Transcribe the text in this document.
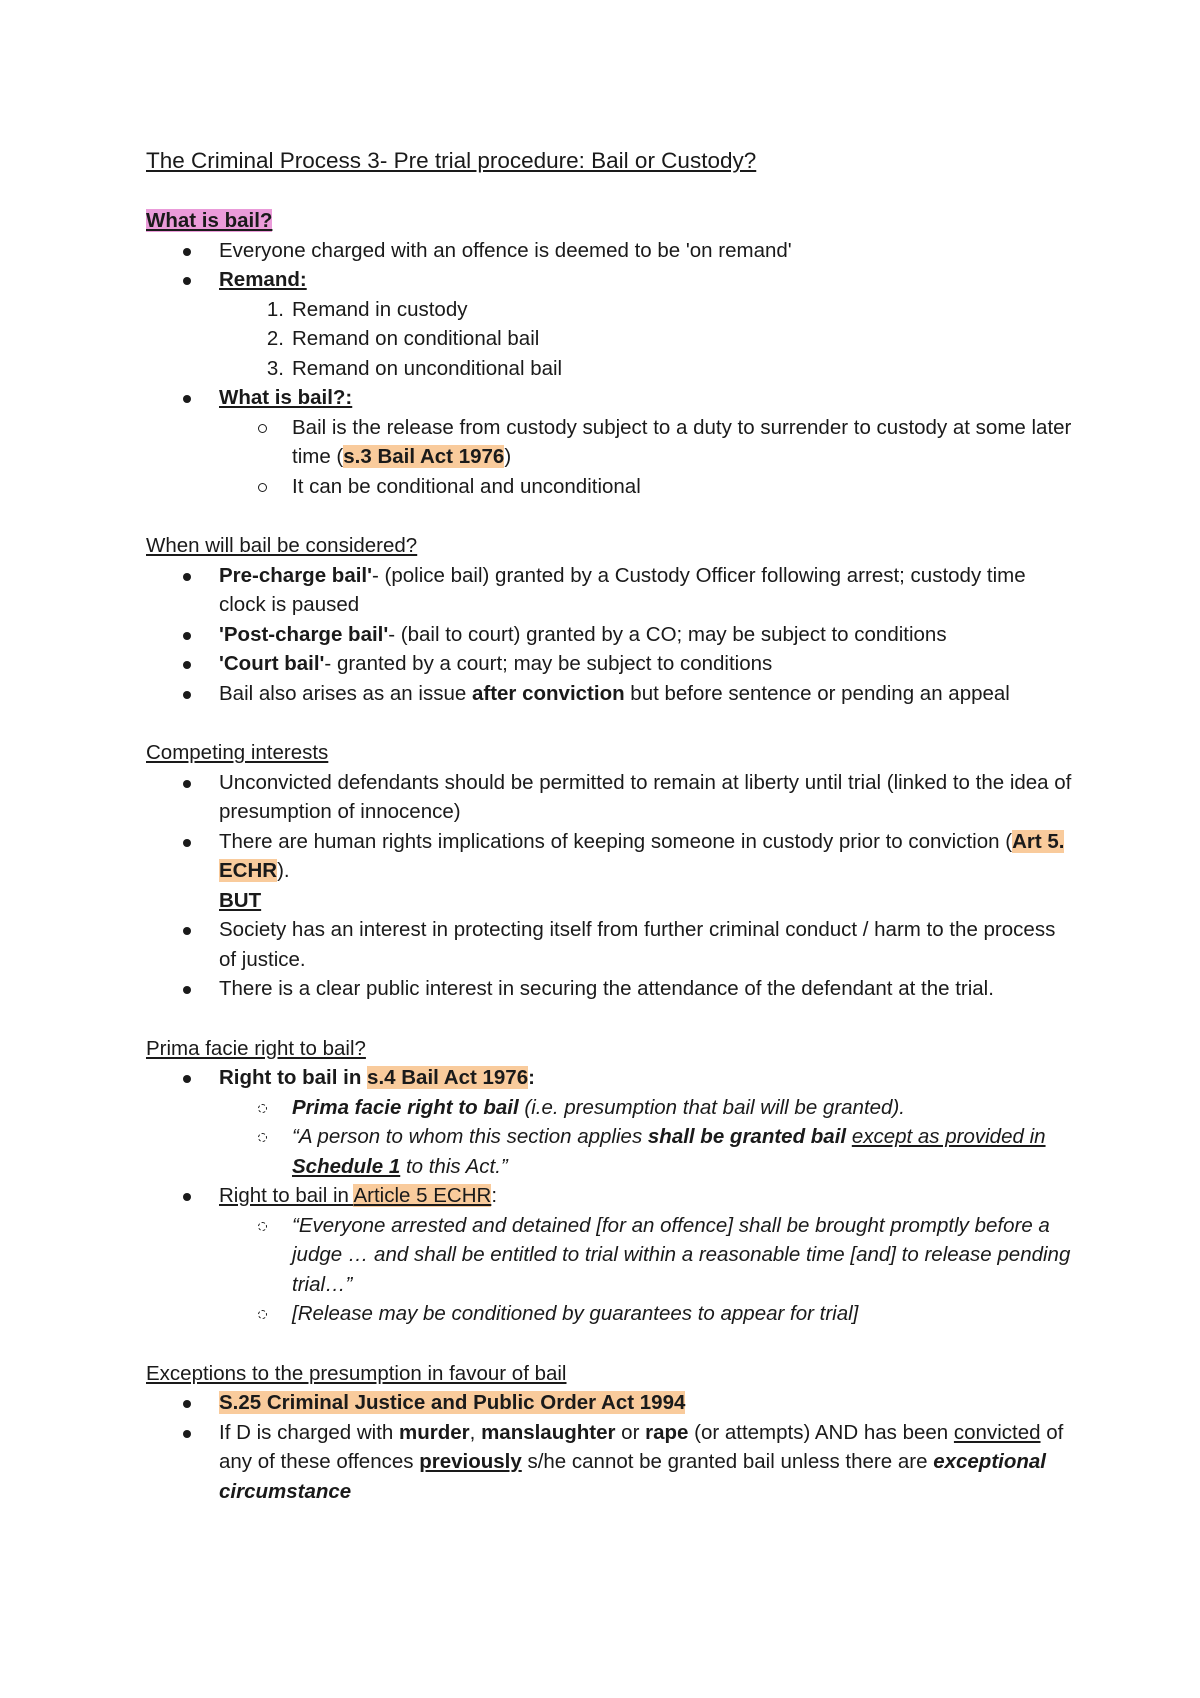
The Criminal Process 3- Pre trial procedure: Bail or Custody?
What is bail?
Everyone charged with an offence is deemed to be 'on remand'
Remand:
1. Remand in custody
2. Remand on conditional bail
3. Remand on unconditional bail
What is bail?:
Bail is the release from custody subject to a duty to surrender to custody at some later time (s.3 Bail Act 1976)
It can be conditional and unconditional
When will bail be considered?
Pre-charge bail'- (police bail) granted by a Custody Officer following arrest; custody time clock is paused
'Post-charge bail'- (bail to court) granted by a CO; may be subject to conditions
'Court bail'- granted by a court; may be subject to conditions
Bail also arises as an issue after conviction but before sentence or pending an appeal
Competing interests
Unconvicted defendants should be permitted to remain at liberty until trial (linked to the idea of presumption of innocence)
There are human rights implications of keeping someone in custody prior to conviction (Art 5. ECHR).
BUT
Society has an interest in protecting itself from further criminal conduct / harm to the process of justice.
There is a clear public interest in securing the attendance of the defendant at the trial.
Prima facie right to bail?
Right to bail in s.4 Bail Act 1976:
Prima facie right to bail (i.e. presumption that bail will be granted).
“A person to whom this section applies shall be granted bail except as provided in Schedule 1 to this Act.”
Right to bail in Article 5 ECHR:
“Everyone arrested and detained [for an offence] shall be brought promptly before a judge … and shall be entitled to trial within a reasonable time [and] to release pending trial…”
[Release may be conditioned by guarantees to appear for trial]
Exceptions to the presumption in favour of bail
S.25 Criminal Justice and Public Order Act 1994
If D is charged with murder, manslaughter or rape (or attempts) AND has been convicted of any of these offences previously s/he cannot be granted bail unless there are exceptional circumstance
